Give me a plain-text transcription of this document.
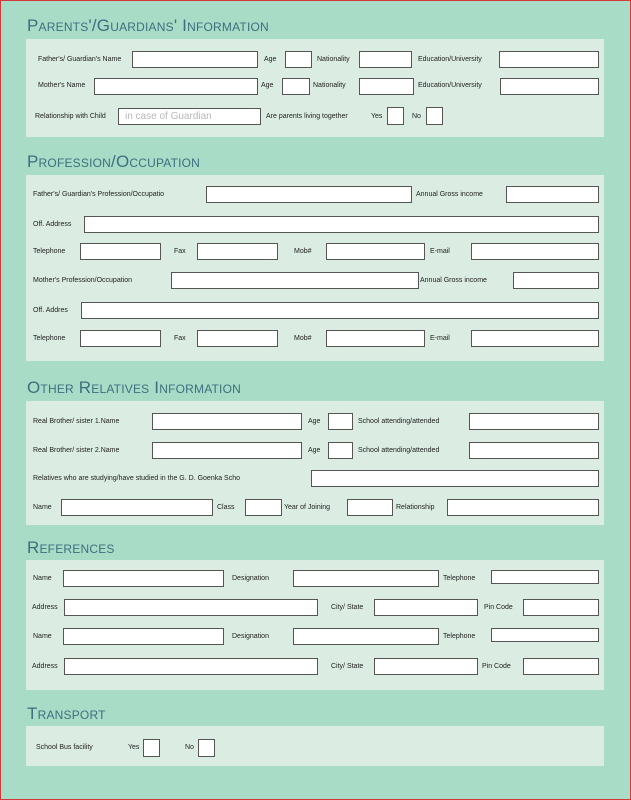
Parents'/Guardians' Information
Father's/ Guardian's Name	Age	Nationality	Education/University
Mother's Name	Age	Nationality	Education/University
Relationship with Child	in case of Guardian	Are parents living together	Yes	No
Profession/Occupation
Father's/ Guardian's Profession/Occupatio	Annual Gross income
Off. Address
Telephone	Fax	Mob#	E-mail
Mother's Profession/Occupation	Annual Gross income
Off. Addres
Telephone	Fax	Mob#	E-mail
Other Relatives Information
Real Brother/ sister 1.Name	Age	School attending/attended
Real Brother/ sister 2.Name	Age	School attending/attended
Relatives who are studying/have studied in the G. D. Goenka Scho
Name	Class	Year of Joining	Relationship
References
Name	Designation	Telephone
Address	City/ State	Pin Code
Name	Designation	Telephone
Address	City/ State	Pin Code
Transport
School Bus facility	Yes	No
